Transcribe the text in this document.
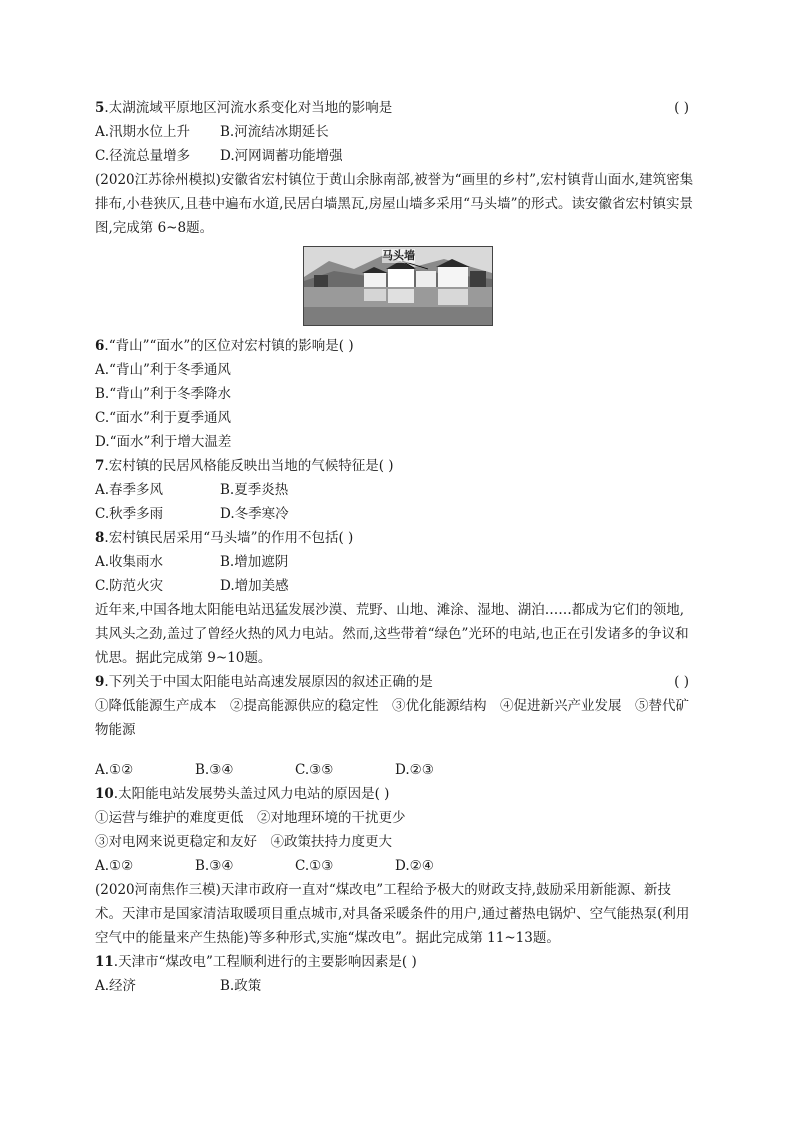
5.太湖流域平原地区河流水系变化对当地的影响是	( )
A.汛期水位上升	B.河流结冰期延长
C.径流总量增多	D.河网调蓄功能增强
(2020江苏徐州模拟)安徽省宏村镇位于黄山余脉南部,被誉为“画里的乡村”,宏村镇背山面水,建筑密集排布,小巷狭仄,且巷中遍布水道,民居白墙黑瓦,房屋山墙多采用“马头墙”的形式。读安徽省宏村镇实景图,完成第 6~8题。
马头墙
6.“背山”“面水”的区位对宏村镇的影响是( )
A.“背山”利于冬季通风
B.“背山”利于冬季降水
C.“面水”利于夏季通风
D.“面水”利于增大温差
7.宏村镇的民居风格能反映出当地的气候特征是( )
A.春季多风	B.夏季炎热
C.秋季多雨	D.冬季寒冷
8.宏村镇民居采用“马头墙”的作用不包括( )
A.收集雨水	B.增加遮阴
C.防范火灾	D.增加美感
近年来,中国各地太阳能电站迅猛发展沙漠、荒野、山地、滩涂、湿地、湖泊……都成为它们的领地,其风头之劲,盖过了曾经火热的风力电站。然而,这些带着“绿色”光环的电站,也正在引发诸多的争议和忧思。据此完成第 9~10题。
9.下列关于中国太阳能电站高速发展原因的叙述正确的是	( )
①降低能源生产成本　②提高能源供应的稳定性　③优化能源结构　④促进新兴产业发展　⑤替代矿物能源
A.①②	B.③④	C.③⑤	D.②③
10.太阳能电站发展势头盖过风力电站的原因是( )
①运营与维护的难度更低　②对地理环境的干扰更少
③对电网来说更稳定和友好　④政策扶持力度更大
A.①②	B.③④	C.①③	D.②④
(2020河南焦作三模)天津市政府一直对“煤改电”工程给予极大的财政支持,鼓励采用新能源、新技术。天津市是国家清洁取暖项目重点城市,对具备采暖条件的用户,通过蓄热电锅炉、空气能热泵(利用空气中的能量来产生热能)等多种形式,实施“煤改电”。据此完成第 11~13题。
11.天津市“煤改电”工程顺利进行的主要影响因素是( )
A.经济	B.政策
